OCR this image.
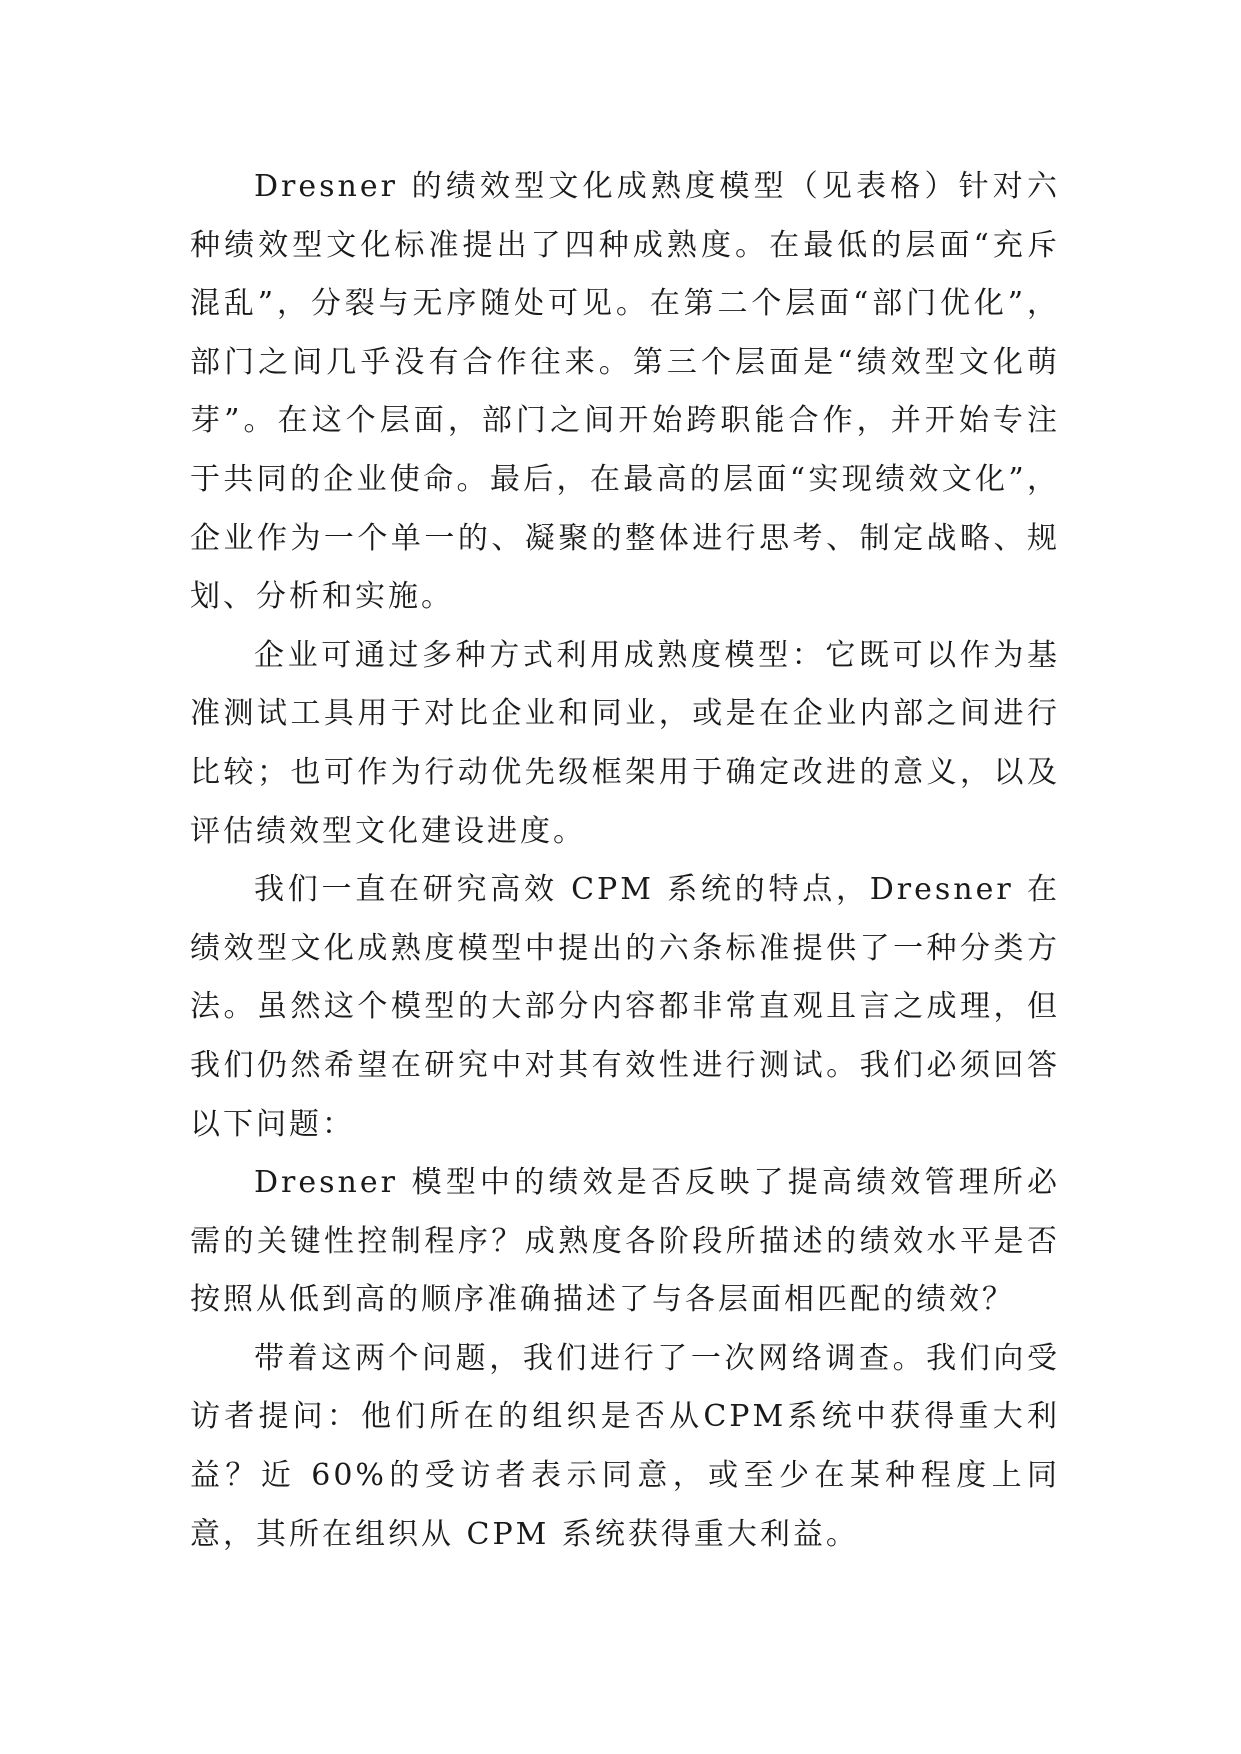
Dresner 的绩效型文化成熟度模型（见表格）针对六种绩效型文化标准提出了四种成熟度。在最低的层面“充斥混乱”，分裂与无序随处可见。在第二个层面“部门优化”，部门之间几乎没有合作往来。第三个层面是“绩效型文化萌芽”。在这个层面，部门之间开始跨职能合作，并开始专注于共同的企业使命。最后，在最高的层面“实现绩效文化”，企业作为一个单一的、凝聚的整体进行思考、制定战略、规划、分析和实施。

企业可通过多种方式利用成熟度模型：它既可以作为基准测试工具用于对比企业和同业，或是在企业内部之间进行比较；也可作为行动优先级框架用于确定改进的意义，以及评估绩效型文化建设进度。

我们一直在研究高效 CPM 系统的特点，Dresner 在绩效型文化成熟度模型中提出的六条标准提供了一种分类方法。虽然这个模型的大部分内容都非常直观且言之成理，但我们仍然希望在研究中对其有效性进行测试。我们必须回答以下问题：

Dresner 模型中的绩效是否反映了提高绩效管理所必需的关键性控制程序？成熟度各阶段所描述的绩效水平是否按照从低到高的顺序准确描述了与各层面相匹配的绩效？

带着这两个问题，我们进行了一次网络调查。我们向受访者提问：他们所在的组织是否从CPM系统中获得重大利益？近 60%的受访者表示同意，或至少在某种程度上同意，其所在组织从 CPM 系统获得重大利益。
